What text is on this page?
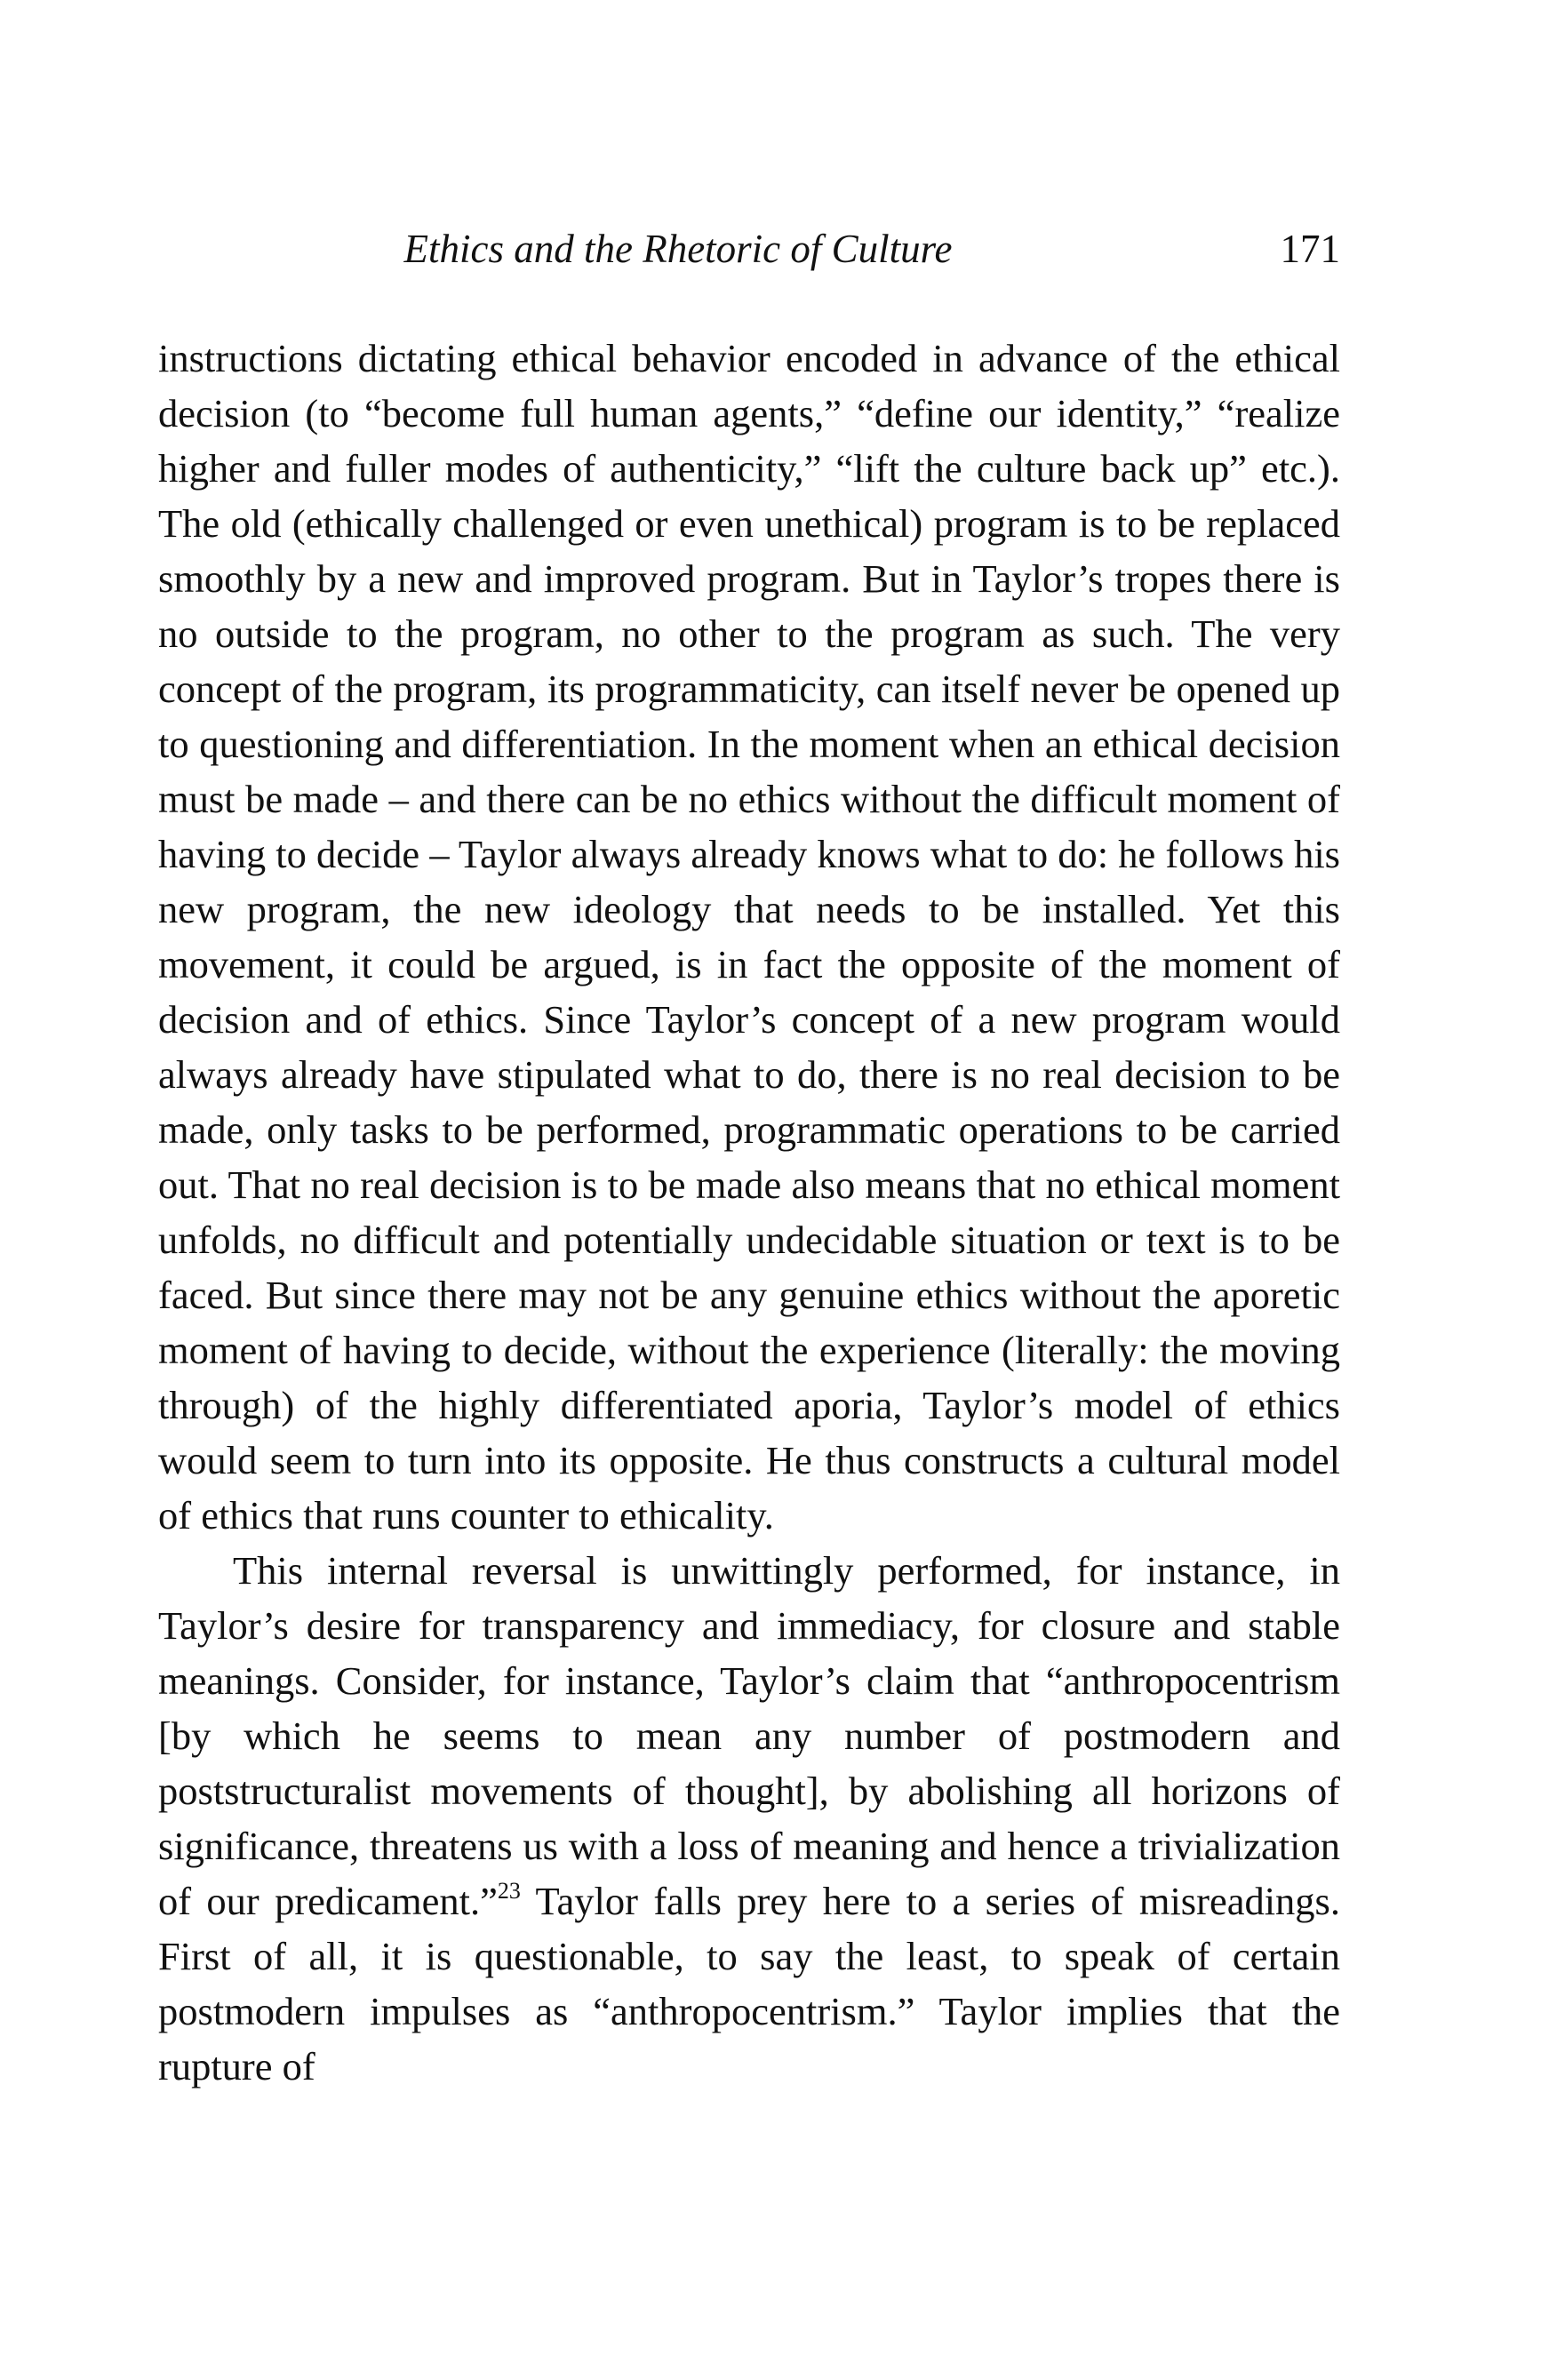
Ethics and the Rhetoric of Culture	171

instructions dictating ethical behavior encoded in advance of the ethical decision (to “become full human agents,” “define our identity,” “realize higher and fuller modes of authenticity,” “lift the culture back up” etc.). The old (ethically challenged or even unethical) program is to be replaced smoothly by a new and improved program. But in Taylor’s tropes there is no outside to the program, no other to the program as such. The very concept of the program, its programmaticity, can itself never be opened up to questioning and differentiation. In the moment when an ethical decision must be made – and there can be no ethics without the difficult moment of having to decide – Taylor always already knows what to do: he follows his new program, the new ideology that needs to be installed. Yet this movement, it could be argued, is in fact the opposite of the moment of decision and of ethics. Since Taylor’s concept of a new program would always already have stipulated what to do, there is no real decision to be made, only tasks to be performed, programmatic operations to be carried out. That no real decision is to be made also means that no ethical moment unfolds, no difficult and potentially undecidable situation or text is to be faced. But since there may not be any genuine ethics without the aporetic moment of having to decide, without the experience (literally: the moving through) of the highly differentiated aporia, Taylor’s model of ethics would seem to turn into its opposite. He thus constructs a cultural model of ethics that runs counter to ethicality.

This internal reversal is unwittingly performed, for instance, in Taylor’s desire for transparency and immediacy, for closure and stable meanings. Consider, for instance, Taylor’s claim that “anthropocentrism [by which he seems to mean any number of postmodern and poststructuralist movements of thought], by abolishing all horizons of significance, threatens us with a loss of meaning and hence a trivialization of our predicament.”$^{23}$ Taylor falls prey here to a series of misreadings. First of all, it is questionable, to say the least, to speak of certain postmodern impulses as “anthropocentrism.” Taylor implies that the rupture of
